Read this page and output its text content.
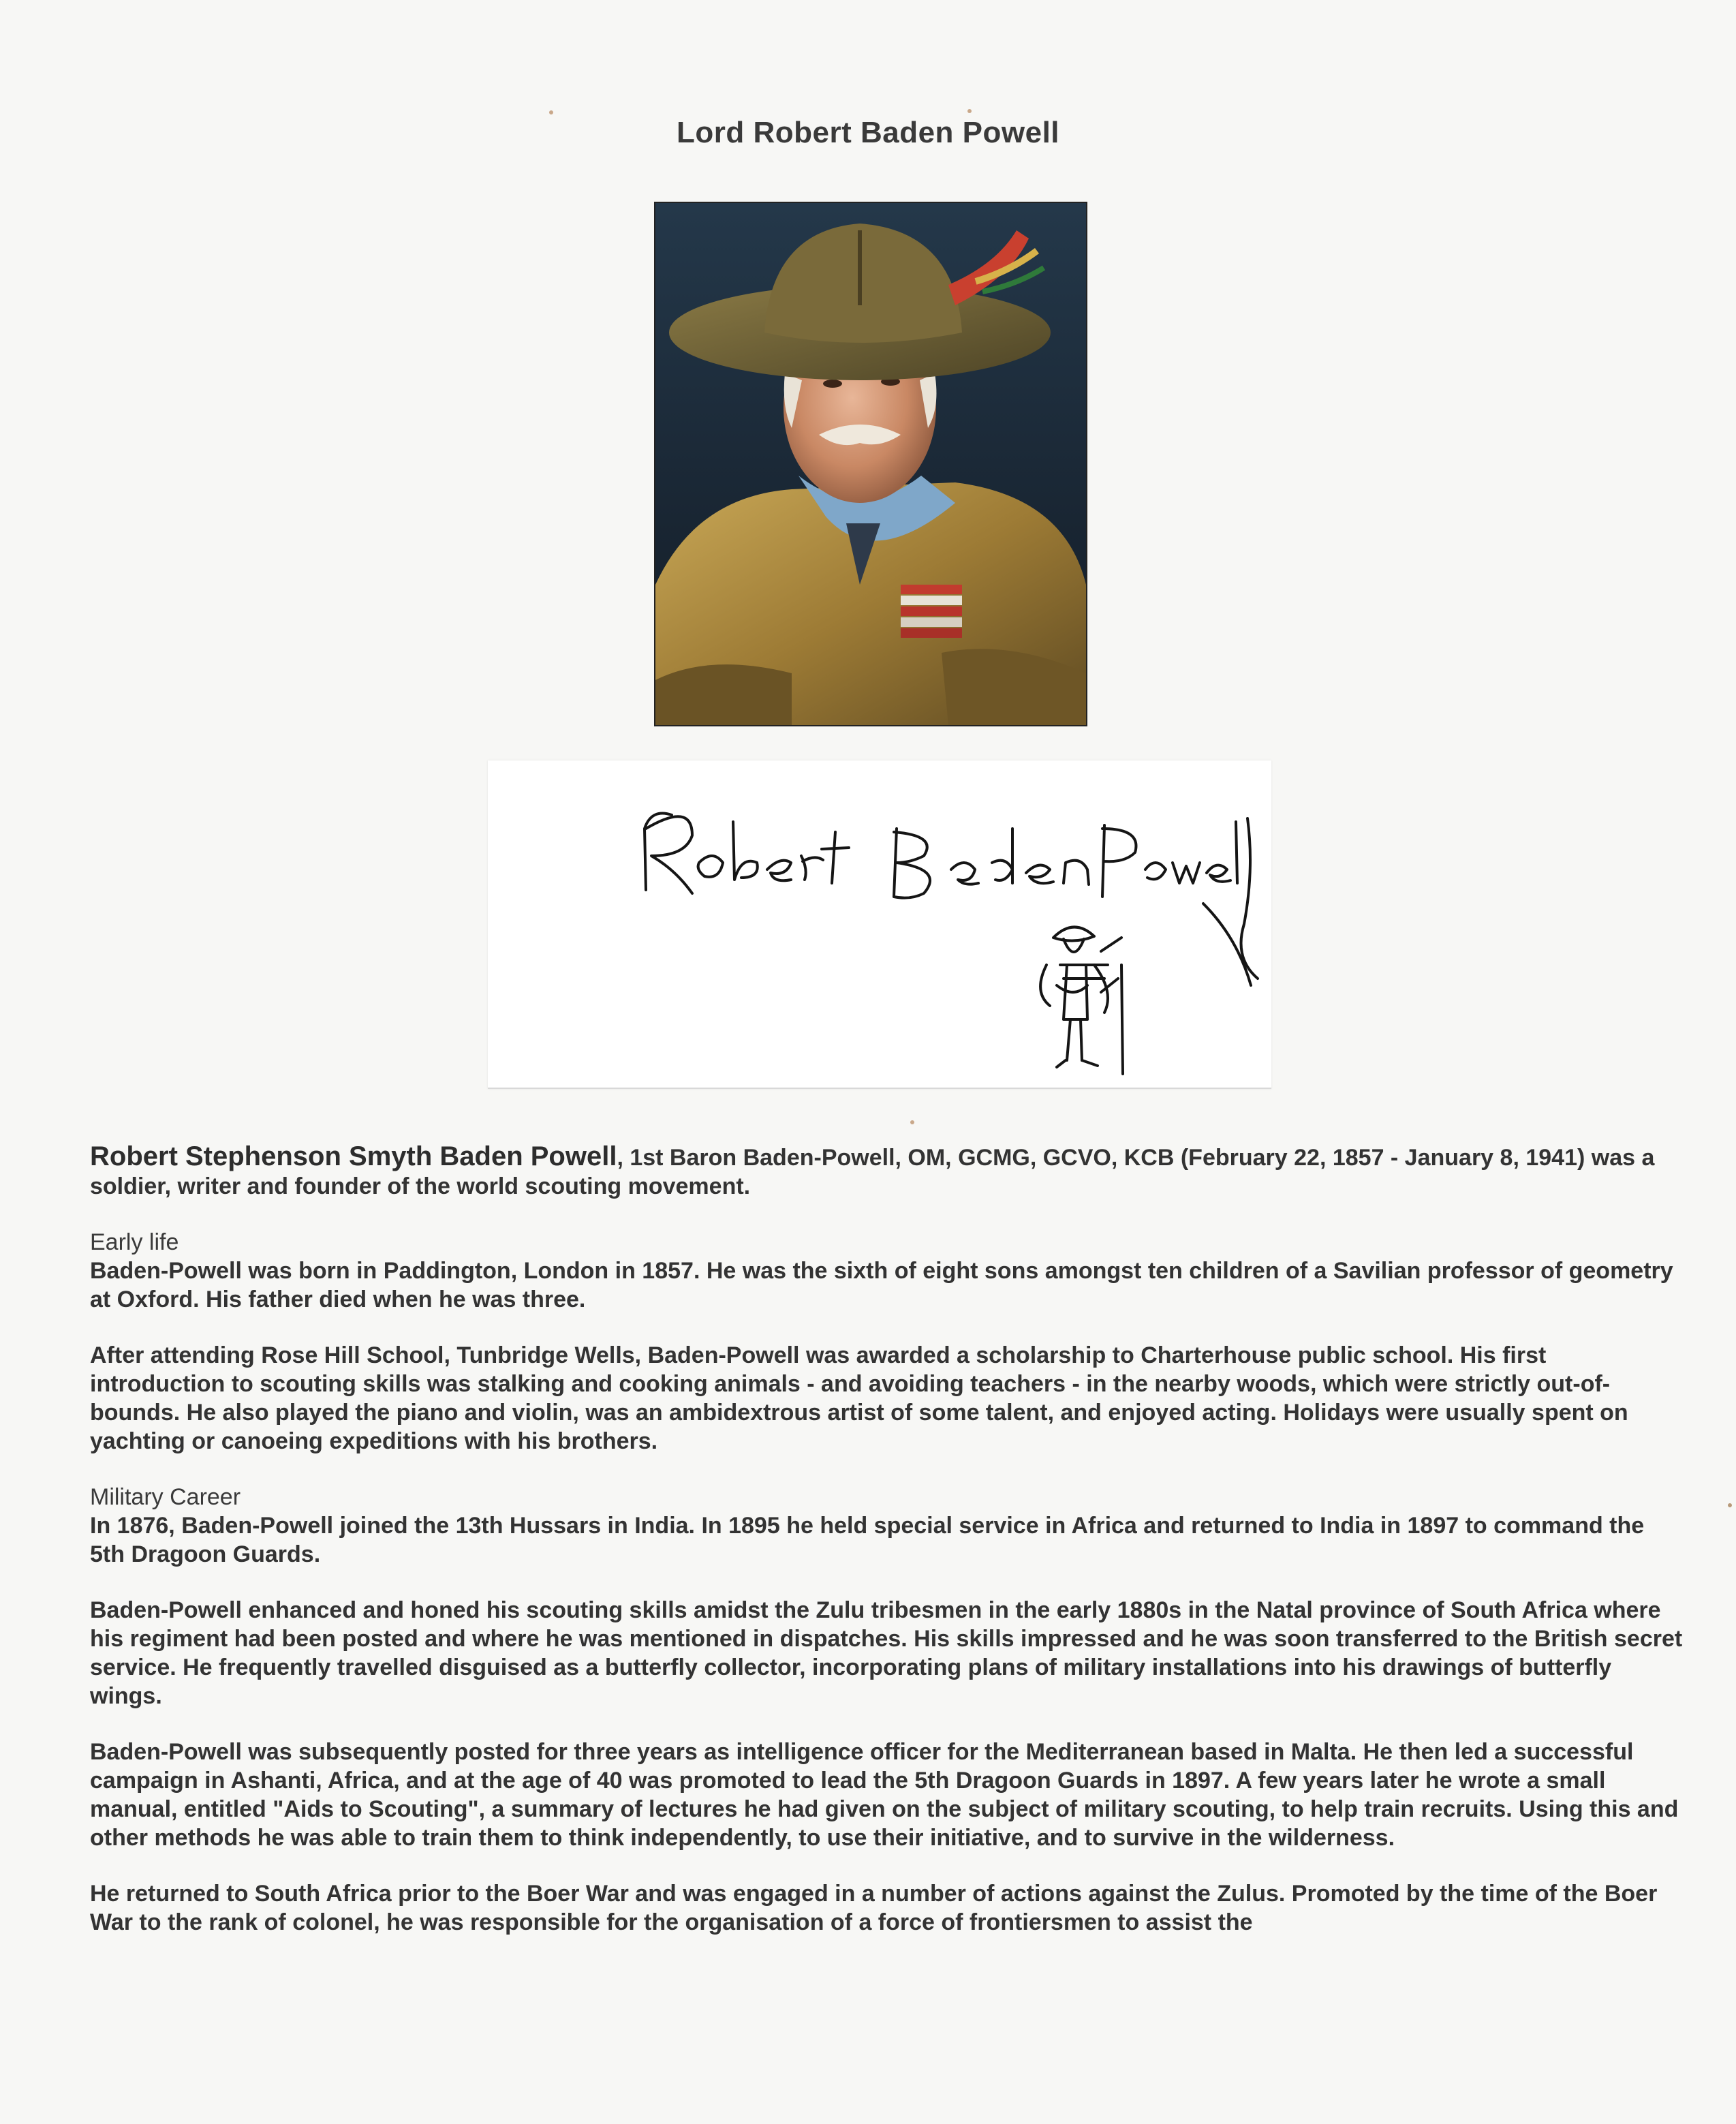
Lord Robert Baden Powell

Robert Stephenson Smyth Baden Powell, 1st Baron Baden-Powell, OM, GCMG, GCVO, KCB (February 22, 1857 - January 8, 1941) was a soldier, writer and founder of the world scouting movement.

Early life

Baden-Powell was born in Paddington, London in 1857. He was the sixth of eight sons amongst ten children of a Savilian professor of geometry at Oxford. His father died when he was three.

After attending Rose Hill School, Tunbridge Wells, Baden-Powell was awarded a scholarship to Charterhouse public school. His first introduction to scouting skills was stalking and cooking animals - and avoiding teachers - in the nearby woods, which were strictly out-of-bounds. He also played the piano and violin, was an ambidextrous artist of some talent, and enjoyed acting. Holidays were usually spent on yachting or canoeing expeditions with his brothers.

Military Career

In 1876, Baden-Powell joined the 13th Hussars in India. In 1895 he held special service in Africa and returned to India in 1897 to command the 5th Dragoon Guards.

Baden-Powell enhanced and honed his scouting skills amidst the Zulu tribesmen in the early 1880s in the Natal province of South Africa where his regiment had been posted and where he was mentioned in dispatches. His skills impressed and he was soon transferred to the British secret service. He frequently travelled disguised as a butterfly collector, incorporating plans of military installations into his drawings of butterfly wings.

Baden-Powell was subsequently posted for three years as intelligence officer for the Mediterranean based in Malta. He then led a successful campaign in Ashanti, Africa, and at the age of 40 was promoted to lead the 5th Dragoon Guards in 1897. A few years later he wrote a small manual, entitled "Aids to Scouting", a summary of lectures he had given on the subject of military scouting, to help train recruits. Using this and other methods he was able to train them to think independently, to use their initiative, and to survive in the wilderness.

He returned to South Africa prior to the Boer War and was engaged in a number of actions against the Zulus. Promoted by the time of the Boer War to the rank of colonel, he was responsible for the organisation of a force of frontiersmen to assist the
